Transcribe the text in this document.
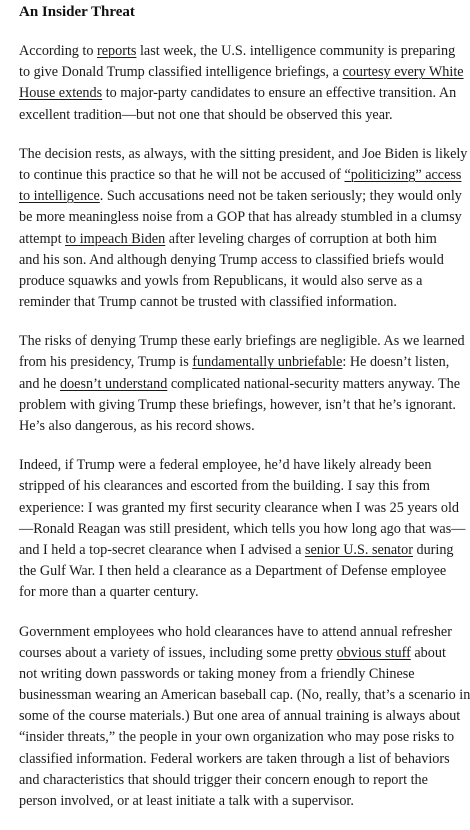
An Insider Threat
According to reports last week, the U.S. intelligence community is preparing
to give Donald Trump classified intelligence briefings, a courtesy every White
House extends to major-party candidates to ensure an effective transition. An
excellent tradition—but not one that should be observed this year.
The decision rests, as always, with the sitting president, and Joe Biden is likely
to continue this practice so that he will not be accused of “politicizing” access
to intelligence. Such accusations need not be taken seriously; they would only
be more meaningless noise from a GOP that has already stumbled in a clumsy
attempt to impeach Biden after leveling charges of corruption at both him
and his son. And although denying Trump access to classified briefs would
produce squawks and yowls from Republicans, it would also serve as a
reminder that Trump cannot be trusted with classified information.
The risks of denying Trump these early briefings are negligible. As we learned
from his presidency, Trump is fundamentally unbriefable: He doesn’t listen,
and he doesn’t understand complicated national-security matters anyway. The
problem with giving Trump these briefings, however, isn’t that he’s ignorant.
He’s also dangerous, as his record shows.
Indeed, if Trump were a federal employee, he’d have likely already been
stripped of his clearances and escorted from the building. I say this from
experience: I was granted my first security clearance when I was 25 years old
—Ronald Reagan was still president, which tells you how long ago that was—
and I held a top-secret clearance when I advised a senior U.S. senator during
the Gulf War. I then held a clearance as a Department of Defense employee
for more than a quarter century.
Government employees who hold clearances have to attend annual refresher
courses about a variety of issues, including some pretty obvious stuff about
not writing down passwords or taking money from a friendly Chinese
businessman wearing an American baseball cap. (No, really, that’s a scenario in
some of the course materials.) But one area of annual training is always about
“insider threats,” the people in your own organization who may pose risks to
classified information. Federal workers are taken through a list of behaviors
and characteristics that should trigger their concern enough to report the
person involved, or at least initiate a talk with a supervisor.
